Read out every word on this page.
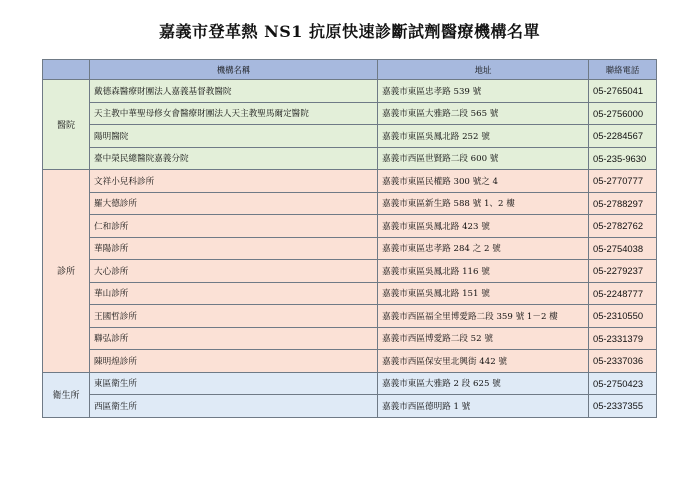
嘉義市登革熱 NS1 抗原快速診斷試劑醫療機構名單
	機構名稱	地址	聯絡電話
醫院	戴德森醫療財團法人嘉義基督教醫院	嘉義市東區忠孝路 539 號	05-2765041
	天主教中華聖母修女會醫療財團法人天主教聖馬爾定醫院	嘉義市東區大雅路二段 565 號	05-2756000
	陽明醫院	嘉義市東區吳鳳北路 252 號	05-2284567
	臺中榮民總醫院嘉義分院	嘉義市西區世賢路二段 600 號	05-235-9630
診所	文祥小兒科診所	嘉義市東區民權路 300 號之 4	05-2770777
	羅大德診所	嘉義市東區新生路 588 號 1、2 樓	05-2788297
	仁和診所	嘉義市東區吳鳳北路 423 號	05-2782762
	華陽診所	嘉義市東區忠孝路 284 之 2 號	05-2754038
	大心診所	嘉義市東區吳鳳北路 116 號	05-2279237
	華山診所	嘉義市東區吳鳳北路 151 號	05-2248777
	王國哲診所	嘉義市西區福全里博愛路二段 359 號 1－2 樓	05-2310550
	聯弘診所	嘉義市西區博愛路二段 52 號	05-2331379
	陳明煌診所	嘉義市西區保安里北興街 442 號	05-2337036
衛生所	東區衛生所	嘉義市東區大雅路 2 段 625 號	05-2750423
	西區衛生所	嘉義市西區德明路 1 號	05-2337355
